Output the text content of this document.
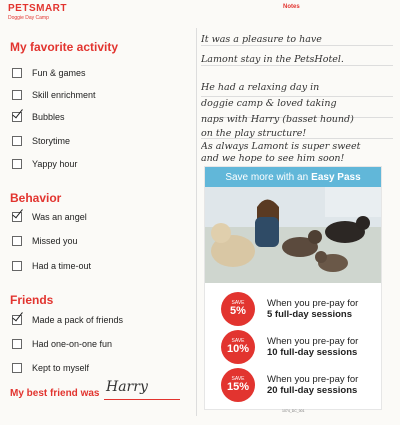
PETSMART
Doggie Day Camp
Notes
My favorite activity
Fun & games
Skill enrichment
Bubbles
Storytime
Yappy hour
Behavior
Was an angel
Missed you
Had a time-out
Friends
Made a pack of friends
Had one-on-one fun
Kept to myself
My best friend was Harry
It was a pleasure to have
Lamont stay in the PetsHotel.
He had a relaxing day in
doggie camp & loved taking
naps with Harry (basset hound)
on the play structure!
As always Lamont is super sweet
and we hope to see him soon!
Save more with an Easy Pass
SAVE
5%
When you pre-pay for
5 full-day sessions
SAVE
10%
When you pre-pay for
10 full-day sessions
SAVE
15%
When you pre-pay for
20 full-day sessions
1074_DC_001
